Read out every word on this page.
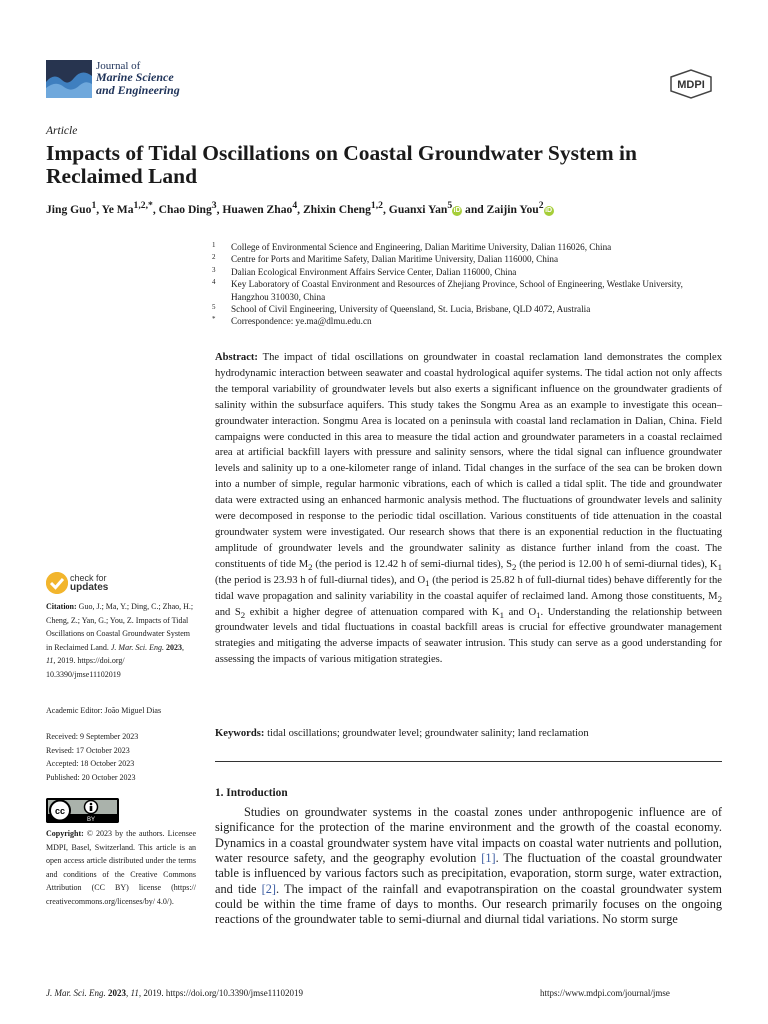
Journal of
Marine Science
and Engineering	MDPI
Article
Impacts of Tidal Oscillations on Coastal Groundwater System in Reclaimed Land
Jing Guo$^1$, Ye $Ma^{1,2,*}$, Chao Ding$^3$, Huawen Zhao$^4$, Zhixin Cheng$^{1,2}$, Guanxi Yan$^5$ iD and Zaijin You$^2$ iD
1 College of Environmental Science and Engineering, Dalian Maritime University, Dalian 116026, China
2 Centre for Ports and Maritime Safety, Dalian Maritime University, Dalian 116000, China
3 Dalian Ecological Environment Affairs Service Center, Dalian 116000, China
4 Key Laboratory of Coastal Environment and Resources of Zhejiang Province, School of Engineering, Westlake University, Hangzhou 310030, China
5 School of Civil Engineering, University of Queensland, St. Lucia, Brisbane, QLD 4072, Australia
* Correspondence: ye.ma@dlmu.edu.cn
Abstract: The impact of tidal oscillations on groundwater in coastal reclamation land demonstrates the complex hydrodynamic interaction between seawater and coastal hydrological aquifer systems. The tidal action not only affects the temporal variability of groundwater levels but also exerts a significant influence on the groundwater gradients of salinity within the subsurface aquifers. This study takes the Songmu Area as an example to investigate this ocean–groundwater interaction. Songmu Area is located on a peninsula with coastal land reclamation in Dalian, China. Field campaigns were conducted in this area to measure the tidal action and groundwater parameters in a coastal reclaimed area at artificial backfill layers with pressure and salinity sensors, where the tidal signal can influence groundwater levels and salinity up to a one-kilometer range of inland. Tidal changes in the surface of the sea can be broken down into a number of simple, regular harmonic vibrations, each of which is called a tidal split. The tide and groundwater data were extracted using an enhanced harmonic analysis method. The fluctuations of groundwater levels and salinity were decomposed in response to the periodic tidal oscillation. Various constituents of tide attenuation in the coastal groundwater system were investigated. Our research shows that there is an exponential reduction in the fluctuating amplitude of groundwater levels and the groundwater salinity as distance further inland from the coast. The constituents of tide $M_2$ (the period is 12.42 h of semi-diurnal tides), $S_2$ (the period is 12.00 h of semi-diurnal tides), $K_1$ (the period is 23.93 h of full-diurnal tides), and $O_1$ (the period is 25.82 h of full-diurnal tides) behave differently for the tidal wave propagation and salinity variability in the coastal aquifer of reclaimed land. Among those constituents, $M_2$ and $S_2$ exhibit a higher degree of attenuation compared with $K_1$ and $O_1$. Understanding the relationship between groundwater levels and tidal fluctuations in coastal backfill areas is crucial for effective groundwater management strategies and mitigating the adverse impacts of seawater intrusion. This study can serve as a good understanding for assessing the impacts of various mitigation strategies.
Keywords: tidal oscillations; groundwater level; groundwater salinity; land reclamation
1. Introduction
Studies on groundwater systems in the coastal zones under anthropogenic influence are of significance for the protection of the marine environment and the growth of the coastal economy. Dynamics in a coastal groundwater system have vital impacts on coastal water nutrients and pollution, water resource safety, and the geography evolution [1]. The fluctuation of the coastal groundwater table is influenced by various factors such as precipitation, evaporation, storm surge, water extraction, and tide [2]. The impact of the rainfall and evapotranspiration on the coastal groundwater system could be within the time frame of days to months. Our research primarily focuses on the ongoing reactions of the groundwater table to semi-diurnal and diurnal tidal variations. No storm surge
check for
updates
Citation: Guo, J.; Ma, Y.; Ding, C.; Zhao, H.; Cheng, Z.; Yan, G.; You, Z. Impacts of Tidal Oscillations on Coastal Groundwater System in Reclaimed Land. J. Mar. Sci. Eng. 2023, 11, 2019. https://doi.org/ 10.3390/jmse11102019
Academic Editor: João Miguel Dias
Received: 9 September 2023
Revised: 17 October 2023
Accepted: 18 October 2023
Published: 20 October 2023
cc
BY
Copyright: © 2023 by the authors. Licensee MDPI, Basel, Switzerland. This article is an open access article distributed under the terms and conditions of the Creative Commons Attribution (CC BY) license (https:// creativecommons.org/licenses/by/ 4.0/).
J. Mar. Sci. Eng. 2023, 11, 2019. https://doi.org/10.3390/jmse11102019	https://www.mdpi.com/journal/jmse
